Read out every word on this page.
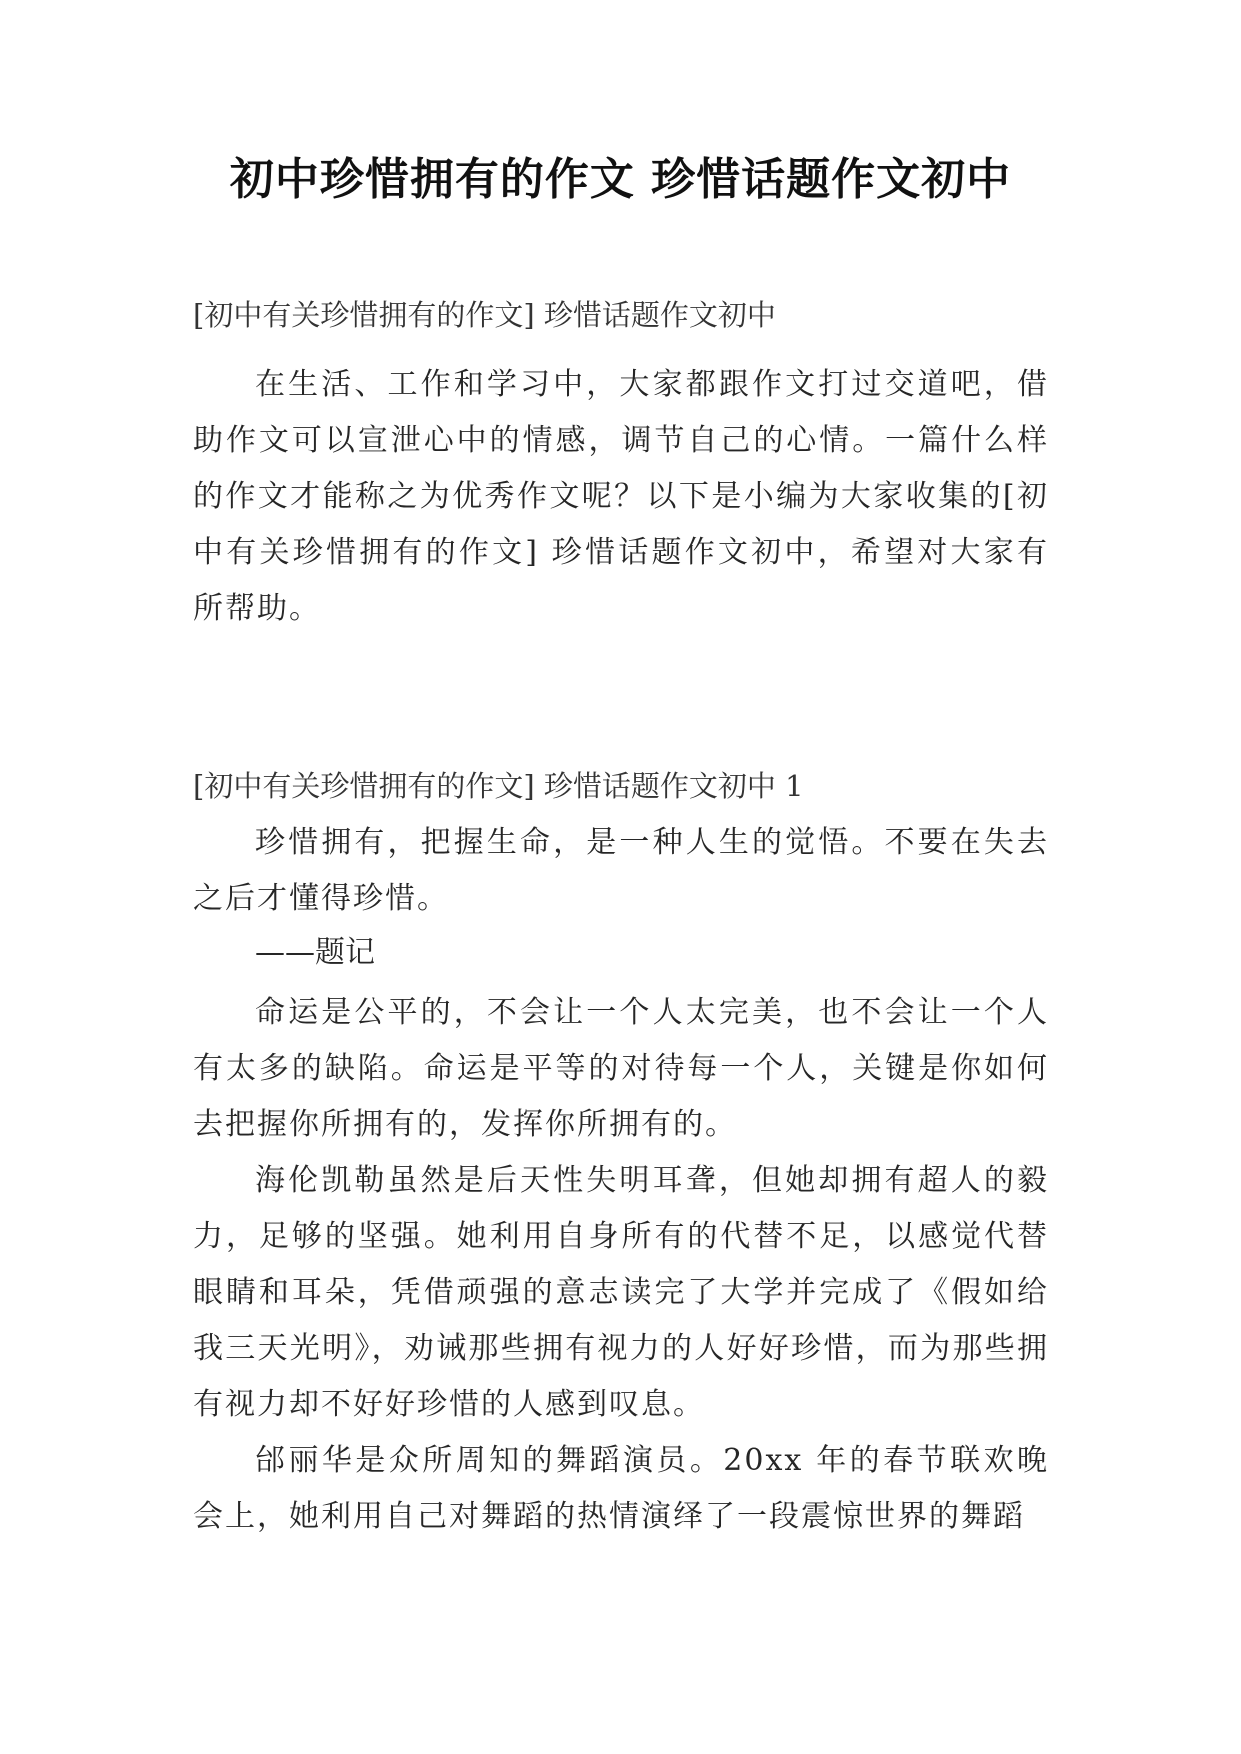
初中珍惜拥有的作文 珍惜话题作文初中
[初中有关珍惜拥有的作文] 珍惜话题作文初中
在生活、工作和学习中，大家都跟作文打过交道吧，借助作文可以宣泄心中的情感，调节自己的心情。一篇什么样的作文才能称之为优秀作文呢？以下是小编为大家收集的[初中有关珍惜拥有的作文] 珍惜话题作文初中，希望对大家有所帮助。
[初中有关珍惜拥有的作文] 珍惜话题作文初中 1
珍惜拥有，把握生命，是一种人生的觉悟。不要在失去之后才懂得珍惜。
——题记
命运是公平的，不会让一个人太完美，也不会让一个人有太多的缺陷。命运是平等的对待每一个人，关键是你如何去把握你所拥有的，发挥你所拥有的。
海伦凯勒虽然是后天性失明耳聋，但她却拥有超人的毅力，足够的坚强。她利用自身所有的代替不足，以感觉代替眼睛和耳朵，凭借顽强的意志读完了大学并完成了《假如给我三天光明》，劝诫那些拥有视力的人好好珍惜，而为那些拥有视力却不好好珍惜的人感到叹息。
邰丽华是众所周知的舞蹈演员。20xx 年的春节联欢晚会上，她利用自己对舞蹈的热情演绎了一段震惊世界的舞蹈
